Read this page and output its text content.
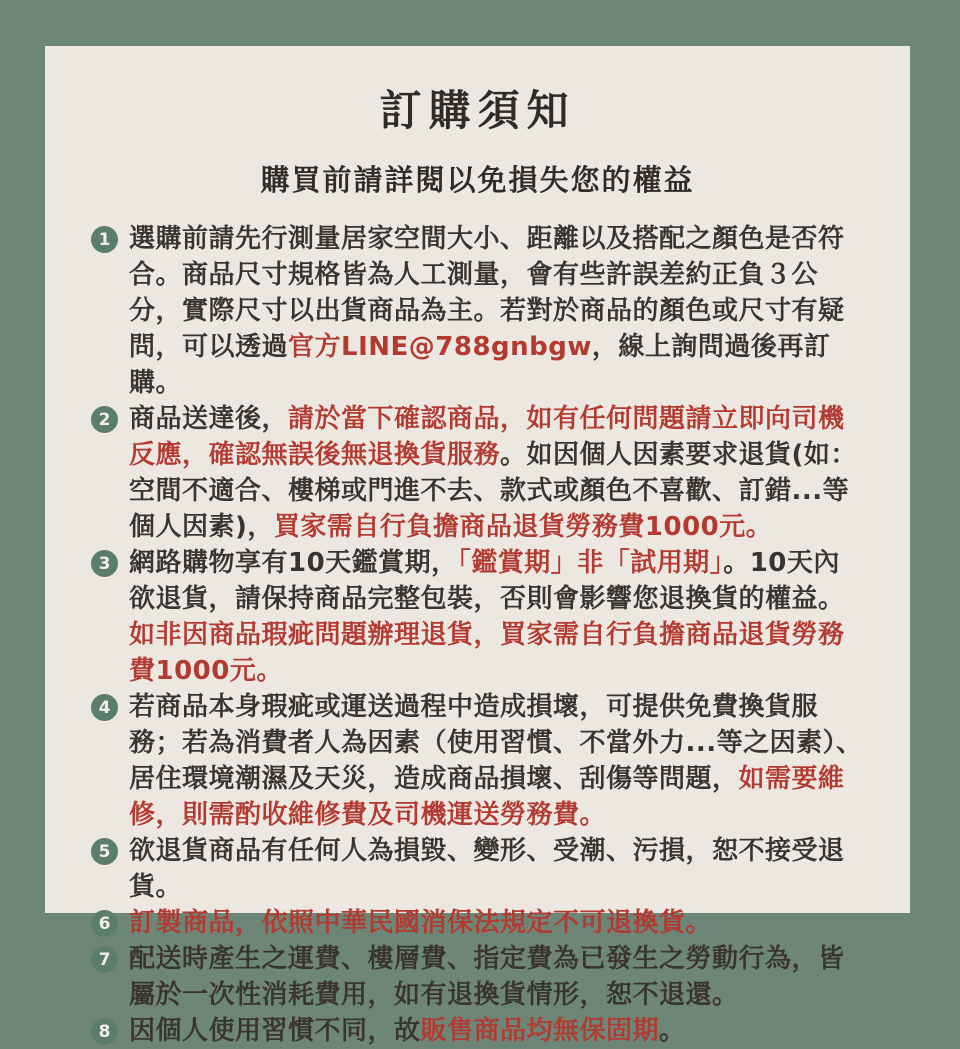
訂購須知
購買前請詳閱以免損失您的權益
1 選購前請先行測量居家空間大小、距離以及搭配之顏色是否符合。商品尺寸規格皆為人工測量，會有些許誤差約正負３公分，實際尺寸以出貨商品為主。若對於商品的顏色或尺寸有疑問，可以透過官方LINE@788gnbgw，線上詢問過後再訂購。
2 商品送達後，請於當下確認商品，如有任何問題請立即向司機反應，確認無誤後無退換貨服務。如因個人因素要求退貨(如：空間不適合、樓梯或門進不去、款式或顏色不喜歡、訂錯...等個人因素)，買家需自行負擔商品退貨勞務費1000元。
3 網路購物享有10天鑑賞期，「鑑賞期」非「試用期」。10天內欲退貨，請保持商品完整包裝，否則會影響您退換貨的權益。如非因商品瑕疵問題辦理退貨，買家需自行負擔商品退貨勞務費1000元。
4 若商品本身瑕疵或運送過程中造成損壞，可提供免費換貨服務；若為消費者人為因素（使用習慣、不當外力...等之因素）、居住環境潮濕及天災，造成商品損壞、刮傷等問題，如需要維修，則需酌收維修費及司機運送勞務費。
5 欲退貨商品有任何人為損毀、變形、受潮、污損，恕不接受退貨。
6 訂製商品，依照中華民國消保法規定不可退換貨。
7 配送時產生之運費、樓層費、指定費為已發生之勞動行為，皆屬於一次性消耗費用，如有退換貨情形，恕不退還。
8 因個人使用習慣不同，故販售商品均無保固期。
